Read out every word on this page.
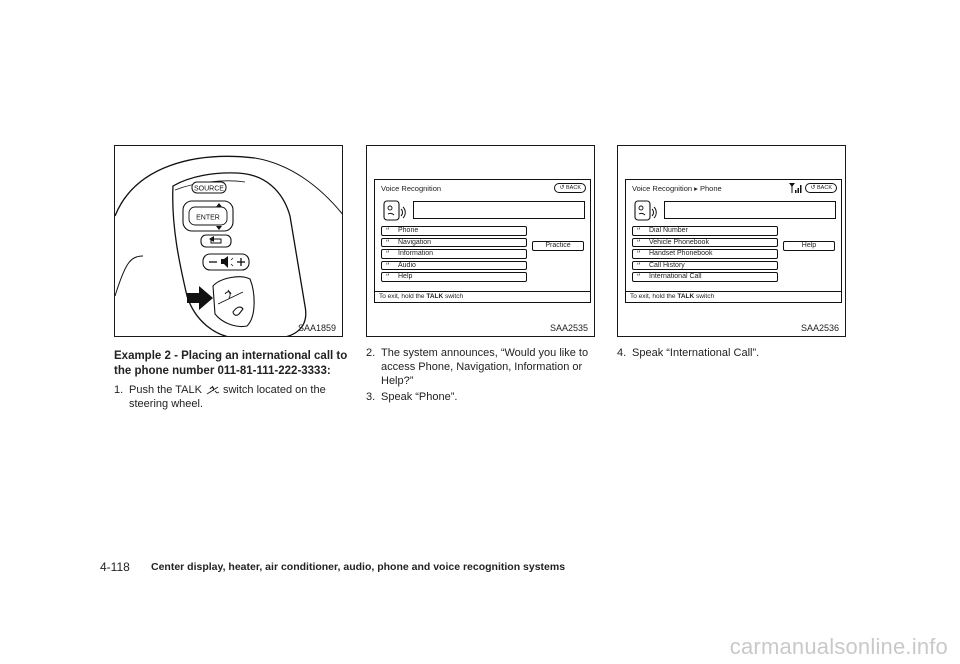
SOURCE
ENTER
SAA1859
Voice Recognition	↺ BACK
ʻʼ Phone
ʻʼ Navigation
ʻʼ Information
ʻʼ Audio
ʻʼ Help
Practice
To exit, hold the TALK switch
SAA2535
Voice Recognition ▸ Phone	↺ BACK
ʻʼ Dial Number
ʻʼ Vehicle Phonebook
ʻʼ Handset Phonebook
ʻʼ Call History
ʻʼ International Call
Help
To exit, hold the TALK switch
SAA2536
Example 2 - Placing an international call to the phone number 011-81-111-222-3333:
1. Push the TALK switch located on the steering wheel.
2. The system announces, “Would you like to access Phone, Navigation, Information or Help?”
3. Speak “Phone”.
4. Speak “International Call”.
4-118 Center display, heater, air conditioner, audio, phone and voice recognition systems
carmanualsonline.info
